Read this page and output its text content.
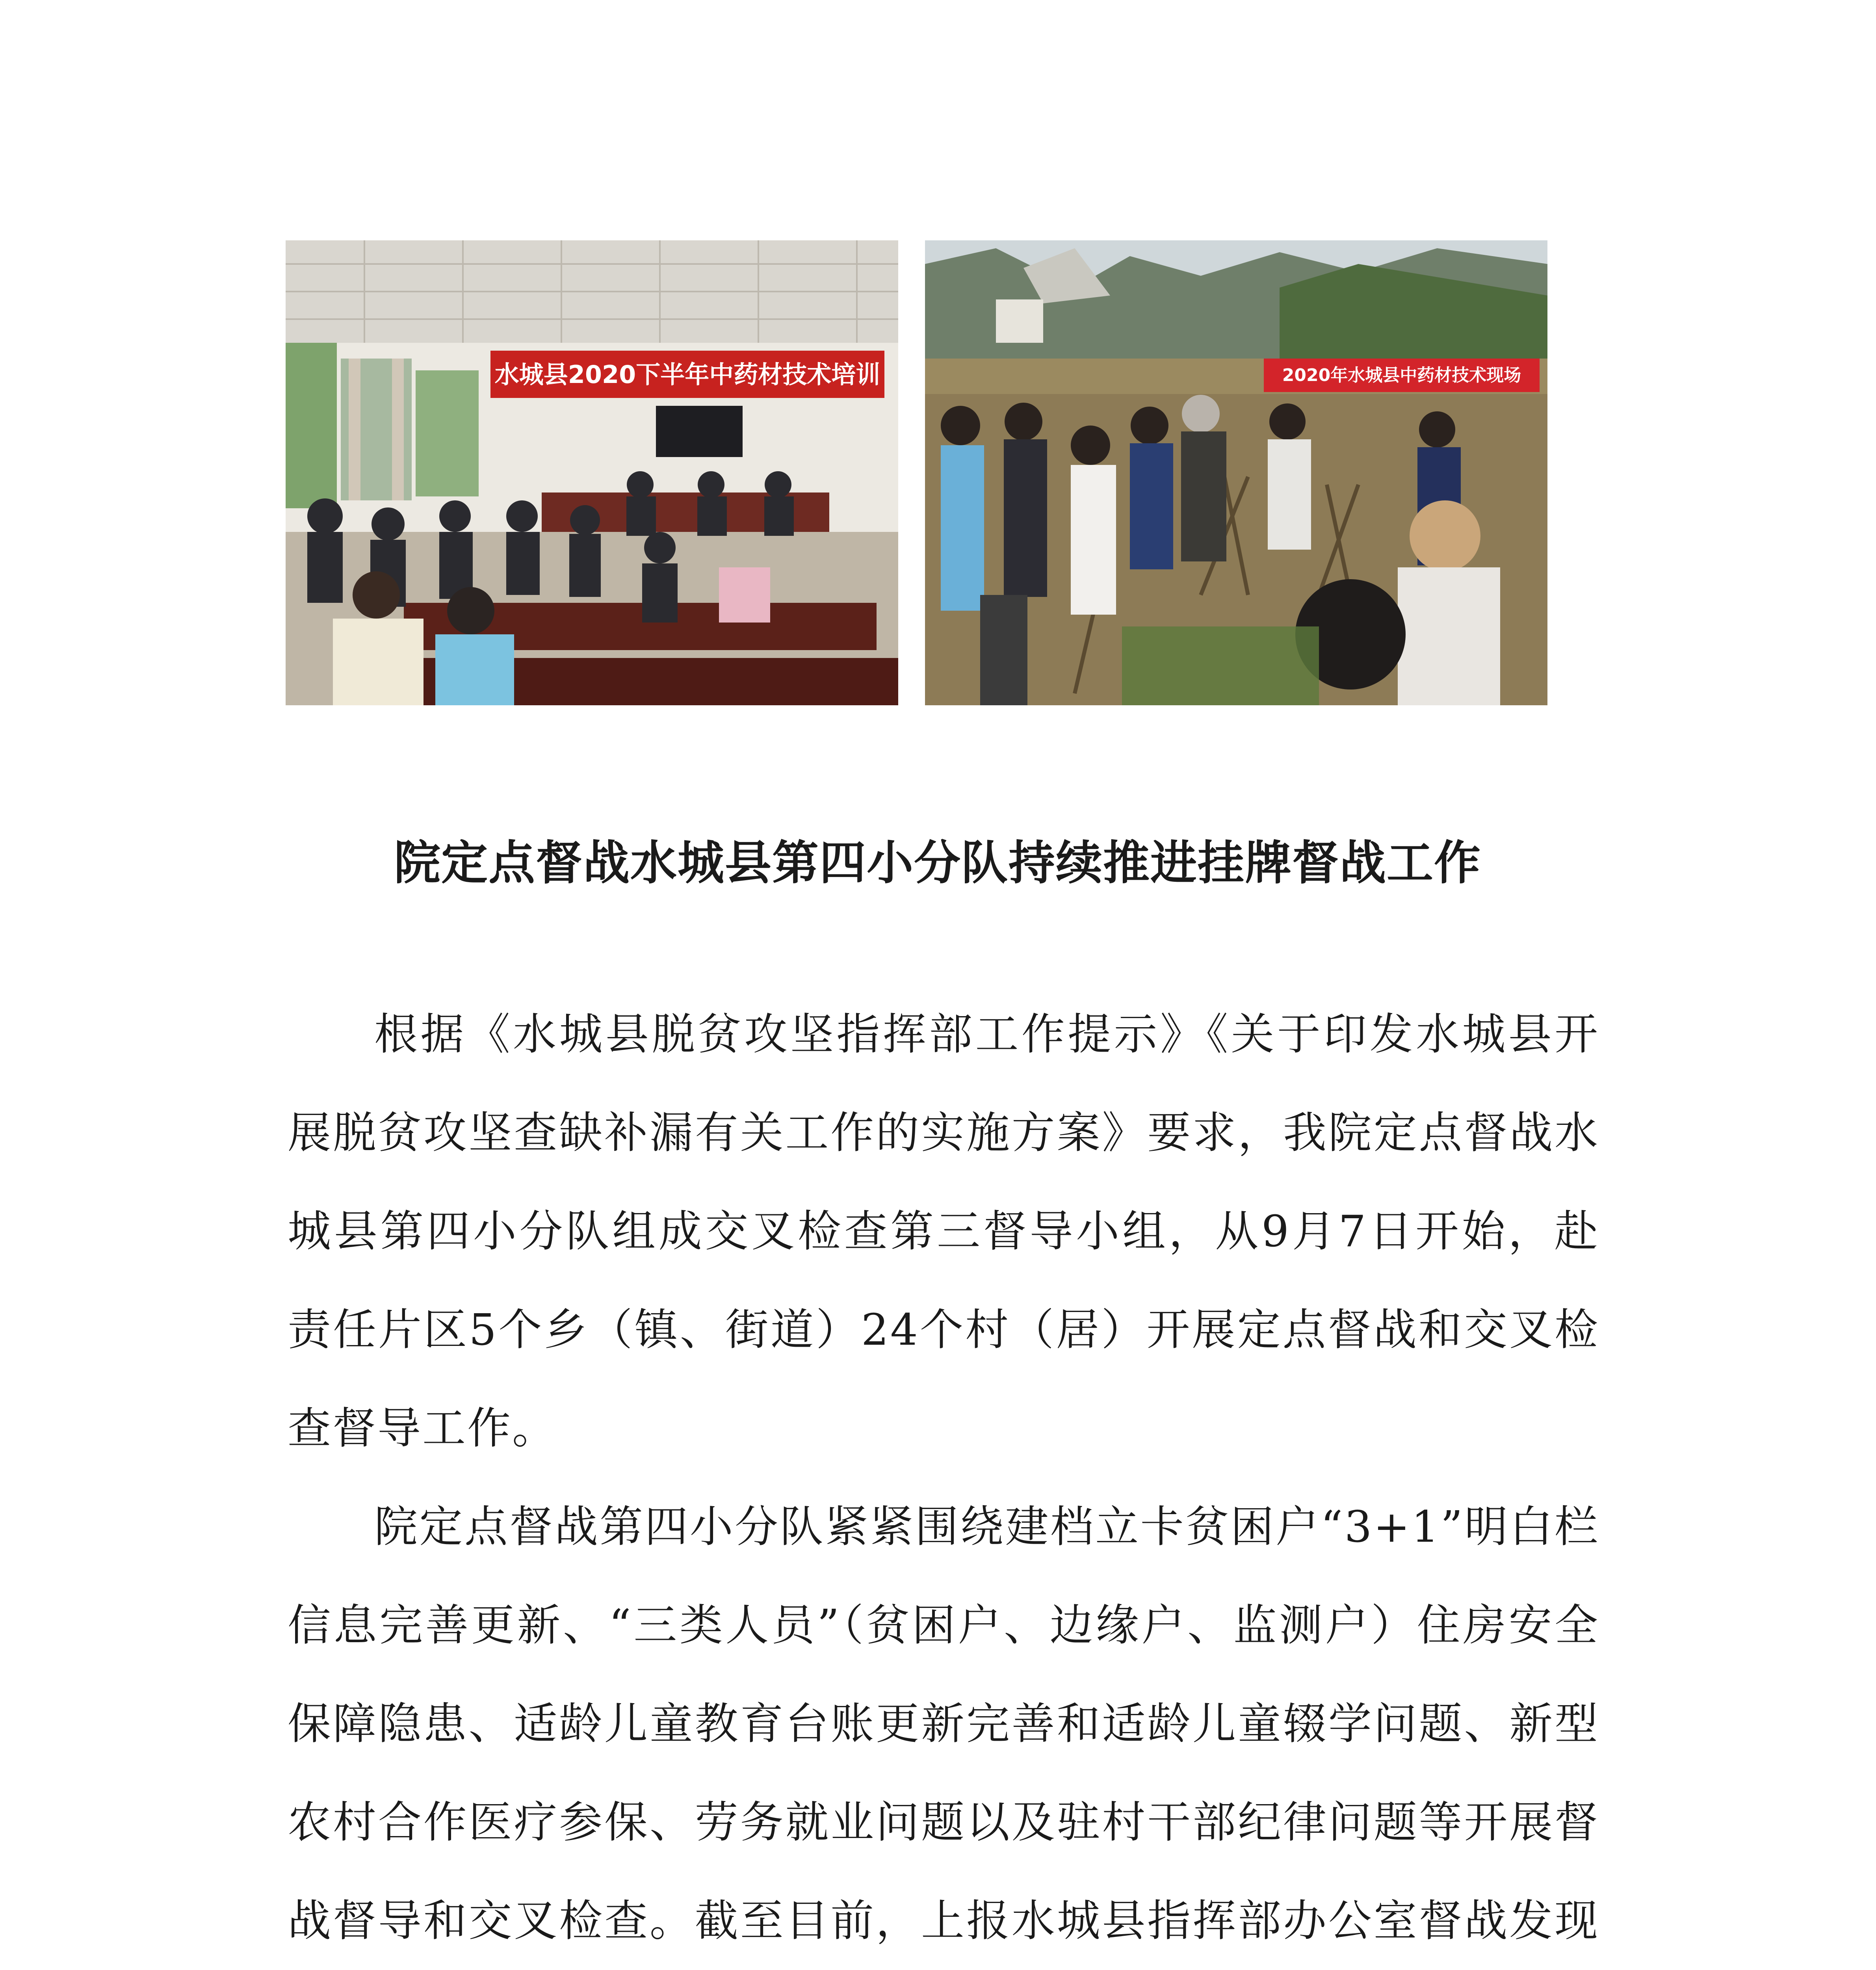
水城县2020下半年中药材技术培训	2020年水城县中药材技术现场
院定点督战水城县第四小分队持续推进挂牌督战工作

根据《水城县脱贫攻坚指挥部工作提示》《关于印发水城县开展脱贫攻坚查缺补漏有关工作的实施方案》要求，我院定点督战水城县第四小分队组成交叉检查第三督导小组，从9月7日开始，赴责任片区5个乡（镇、街道）24个村（居）开展定点督战和交叉检查督导工作。

院定点督战第四小分队紧紧围绕建档立卡贫困户“3+1”明白栏信息完善更新、“三类人员”（贫困户、边缘户、监测户）住房安全保障隐患、适龄儿童教育台账更新完善和适龄儿童辍学问题、新型农村合作医疗参保、劳务就业问题以及驻村干部纪律问题等开展督战督导和交叉检查。截至目前，上报水城县指挥部办公室督战发现
